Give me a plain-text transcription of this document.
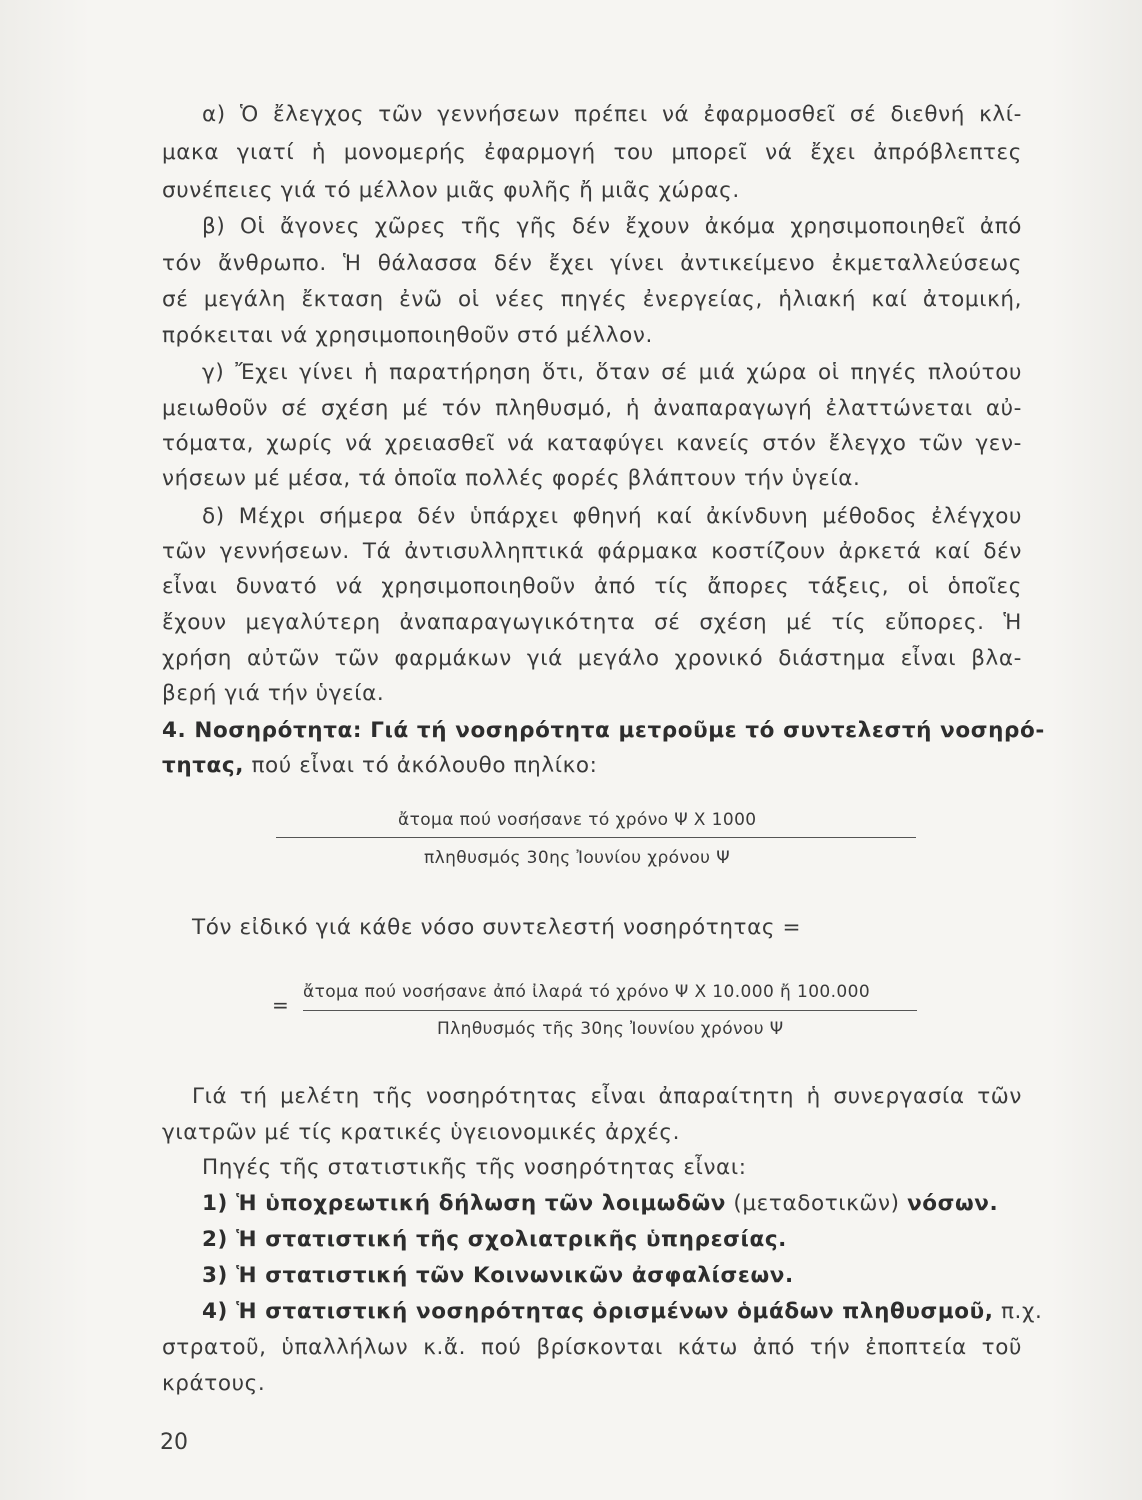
α) Ὁ ἔλεγχος τῶν γεννήσεων πρέπει νά ἐφαρμοσθεῖ σέ διεθνή κλί-
μακα γιατί ἡ μονομερής ἐφαρμογή του μπορεῖ νά ἔχει ἀπρόβλεπτες
συνέπειες γιά τό μέλλον μιᾶς φυλῆς ἤ μιᾶς χώρας.
β) Οἱ ἄγονες χῶρες τῆς γῆς δέν ἔχουν ἀκόμα χρησιμοποιηθεῖ ἀπό
τόν ἄνθρωπο. Ἡ θάλασσα δέν ἔχει γίνει ἀντικείμενο ἐκμεταλλεύσεως
σέ μεγάλη ἔκταση ἐνῶ οἱ νέες πηγές ἐνεργείας, ἡλιακή καί ἀτομική,
πρόκειται νά χρησιμοποιηθοῦν στό μέλλον.
γ) Ἔχει γίνει ἡ παρατήρηση ὅτι, ὅταν σέ μιά χώρα οἱ πηγές πλούτου
μειωθοῦν σέ σχέση μέ τόν πληθυσμό, ἡ ἀναπαραγωγή ἐλαττώνεται αὐ-
τόματα, χωρίς νά χρειασθεῖ νά καταφύγει κανείς στόν ἔλεγχο τῶν γεν-
νήσεων μέ μέσα, τά ὁποῖα πολλές φορές βλάπτουν τήν ὑγεία.
δ) Μέχρι σήμερα δέν ὑπάρχει φθηνή καί ἀκίνδυνη μέθοδος ἐλέγχου
τῶν γεννήσεων. Τά ἀντισυλληπτικά φάρμακα κοστίζουν ἀρκετά καί δέν
εἶναι δυνατό νά χρησιμοποιηθοῦν ἀπό τίς ἄπορες τάξεις, οἱ ὁποῖες
ἔχουν μεγαλύτερη ἀναπαραγωγικότητα σέ σχέση μέ τίς εὔπορες. Ἡ
χρήση αὐτῶν τῶν φαρμάκων γιά μεγάλο χρονικό διάστημα εἶναι βλα-
βερή γιά τήν ὑγεία.
4. Νοσηρότητα: Γιά τή νοσηρότητα μετροῦμε τό συντελεστή νοσηρό-
τητας, πού εἶναι τό ἀκόλουθο πηλίκο:
ἄτομα πού νοσήσανε τό χρόνο Ψ Χ 1000
πληθυσμός 30ης Ἰουνίου χρόνου Ψ
Τόν εἰδικό γιά κάθε νόσο συντελεστή νοσηρότητας =
=
ἄτομα πού νοσήσανε ἀπό ἰλαρά τό χρόνο Ψ Χ 10.000 ἤ 100.000
Πληθυσμός τῆς 30ης Ἰουνίου χρόνου Ψ
Γιά τή μελέτη τῆς νοσηρότητας εἶναι ἀπαραίτητη ἡ συνεργασία τῶν
γιατρῶν μέ τίς κρατικές ὑγειονομικές ἀρχές.
Πηγές τῆς στατιστικῆς τῆς νοσηρότητας εἶναι:
1) Ἡ ὑποχρεωτική δήλωση τῶν λοιμωδῶν (μεταδοτικῶν) νόσων.
2) Ἡ στατιστική τῆς σχολιατρικῆς ὑπηρεσίας.
3) Ἡ στατιστική τῶν Κοινωνικῶν ἀσφαλίσεων.
4) Ἡ στατιστική νοσηρότητας ὁρισμένων ὁμάδων πληθυσμοῦ, π.χ.
στρατοῦ, ὑπαλλήλων κ.ἄ. πού βρίσκονται κάτω ἀπό τήν ἐποπτεία τοῦ
κράτους.
20
